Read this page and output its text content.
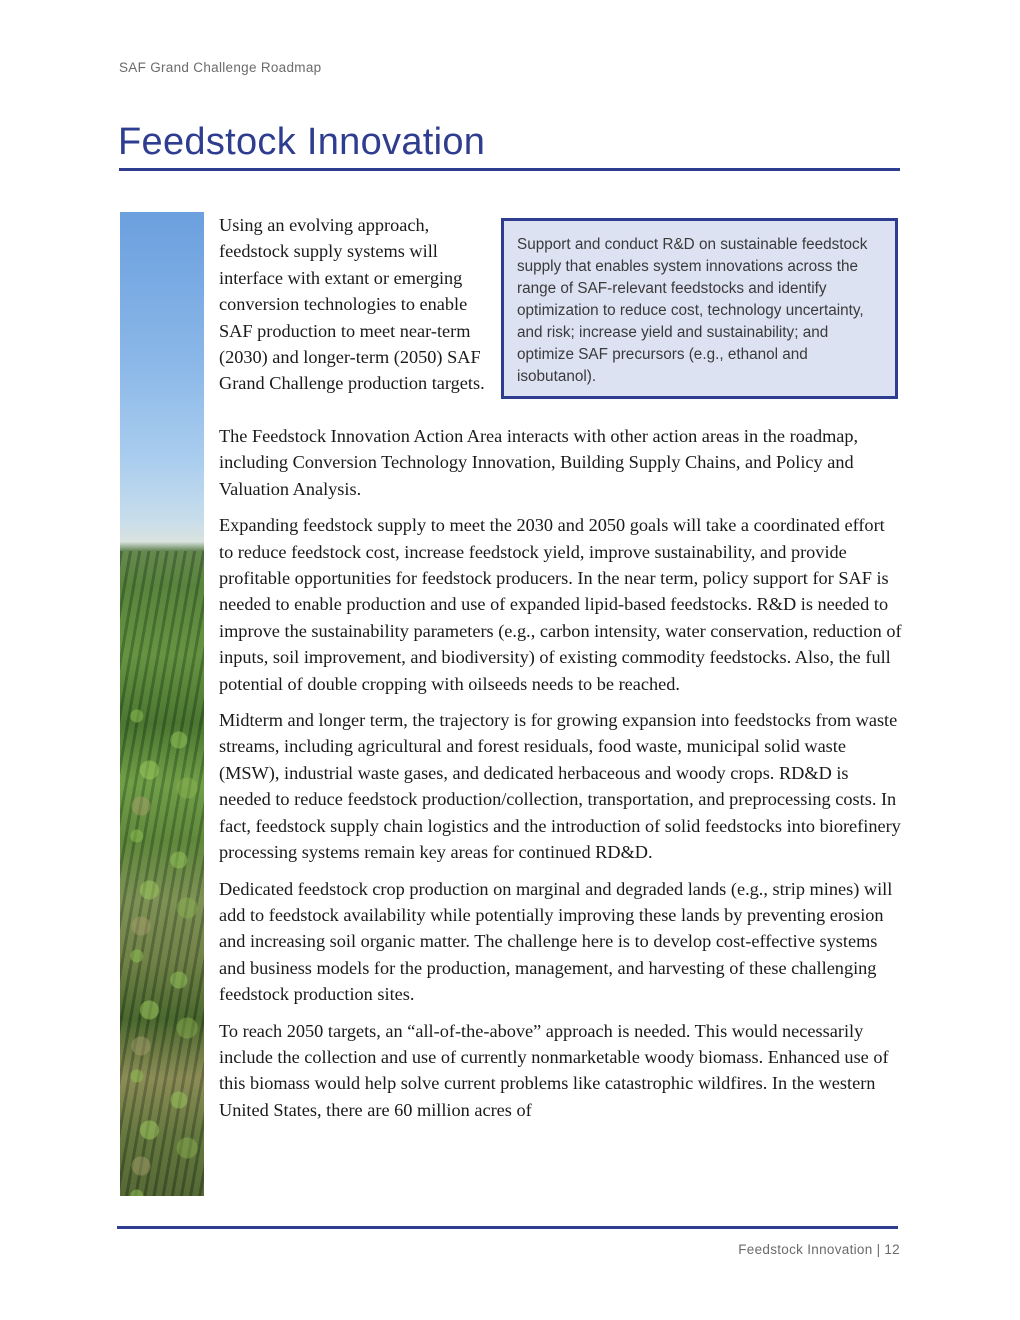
SAF Grand Challenge Roadmap
Feedstock Innovation
Support and conduct R&D on sustainable feedstock supply that enables system innovations across the range of SAF-relevant feedstocks and identify optimization to reduce cost, technology uncertainty, and risk; increase yield and sustainability; and optimize SAF precursors (e.g., ethanol and isobutanol).

Using an evolving approach, feedstock supply systems will interface with extant or emerging conversion technologies to enable SAF production to meet near-term (2030) and longer-term (2050) SAF Grand Challenge production targets.

The Feedstock Innovation Action Area interacts with other action areas in the roadmap, including Conversion Technology Innovation, Building Supply Chains, and Policy and Valuation Analysis.

Expanding feedstock supply to meet the 2030 and 2050 goals will take a coordinated effort to reduce feedstock cost, increase feedstock yield, improve sustainability, and provide profitable opportunities for feedstock producers. In the near term, policy support for SAF is needed to enable production and use of expanded lipid-based feedstocks. R&D is needed to improve the sustainability parameters (e.g., carbon intensity, water conservation, reduction of inputs, soil improvement, and biodiversity) of existing commodity feedstocks. Also, the full potential of double cropping with oilseeds needs to be reached.

Midterm and longer term, the trajectory is for growing expansion into feedstocks from waste streams, including agricultural and forest residuals, food waste, municipal solid waste (MSW), industrial waste gases, and dedicated herbaceous and woody crops. RD&D is needed to reduce feedstock production/collection, transportation, and preprocessing costs. In fact, feedstock supply chain logistics and the introduction of solid feedstocks into biorefinery processing systems remain key areas for continued RD&D.

Dedicated feedstock crop production on marginal and degraded lands (e.g., strip mines) will add to feedstock availability while potentially improving these lands by preventing erosion and increasing soil organic matter. The challenge here is to develop cost-effective systems and business models for the production, management, and harvesting of these challenging feedstock production sites.

To reach 2050 targets, an “all-of-the-above” approach is needed. This would necessarily include the collection and use of currently nonmarketable woody biomass. Enhanced use of this biomass would help solve current problems like catastrophic wildfires. In the western United States, there are 60 million acres of

Feedstock Innovation | 12
